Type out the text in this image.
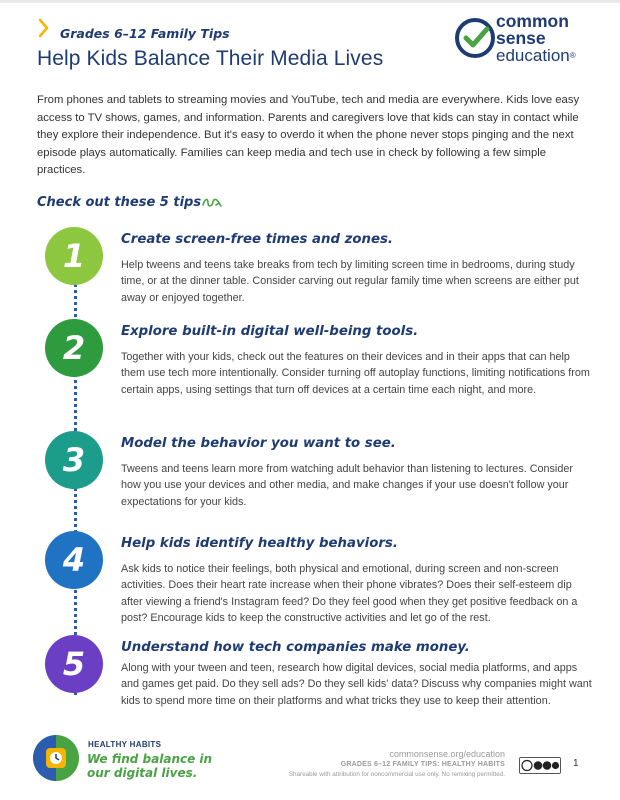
Grades 6–12 Family Tips
Help Kids Balance Their Media Lives
common
sense
education®
From phones and tablets to streaming movies and YouTube, tech and media are everywhere. Kids love easy access to TV shows, games, and information. Parents and caregivers love that kids can stay in contact while they explore their independence. But it's easy to overdo it when the phone never stops pinging and the next episode plays automatically. Families can keep media and tech use in check by following a few simple practices.
Check out these 5 tips
1	Create screen-free times and zones.
Help tweens and teens take breaks from tech by limiting screen time in bedrooms, during study time, or at the dinner table. Consider carving out regular family time when screens are either put away or enjoyed together.
2	Explore built-in digital well-being tools.
Together with your kids, check out the features on their devices and in their apps that can help them use tech more intentionally. Consider turning off autoplay functions, limiting notifications from certain apps, using settings that turn off devices at a certain time each night, and more.
3	Model the behavior you want to see.
Tweens and teens learn more from watching adult behavior than listening to lectures. Consider how you use your devices and other media, and make changes if your use doesn't follow your expectations for your kids.
4	Help kids identify healthy behaviors.
Ask kids to notice their feelings, both physical and emotional, during screen and non-screen activities. Does their heart rate increase when their phone vibrates? Does their self-esteem dip after viewing a friend's Instagram feed? Do they feel good when they get positive feedback on a post? Encourage kids to keep the constructive activities and let go of the rest.
5	Understand how tech companies make money.
Along with your tween and teen, research how digital devices, social media platforms, and apps and games get paid. Do they sell ads? Do they sell kids' data? Discuss why companies might want kids to spend more time on their platforms and what tricks they use to keep their attention.
HEALTHY HABITS
We find balance in
our digital lives.
commonsense.org/education
GRADES 6–12 FAMILY TIPS: HEALTHY HABITS
Shareable with attribution for noncommercial use only. No remixing permitted.
1
